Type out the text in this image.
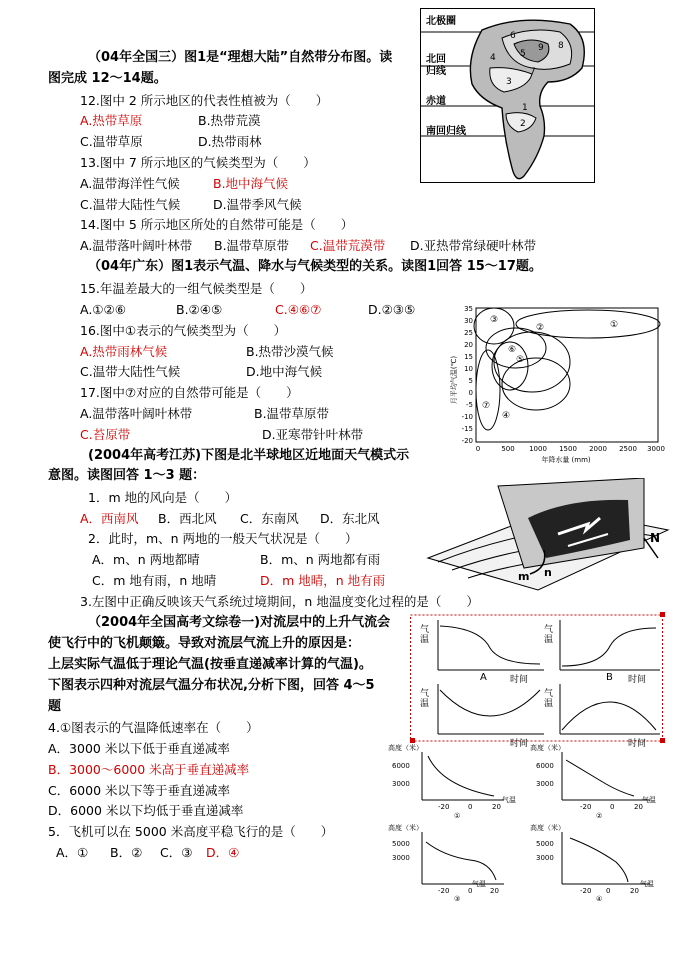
（04年全国三）图1是“理想大陆”自然带分布图。读
图完成 12～14题。
12.图中 2 所示地区的代表性植被为（　　）
A.热带草原	B.热带荒漠
C.温带草原	D.热带雨林
13.图中 7 所示地区的气候类型为（　　）
A.温带海洋性气候	B.地中海气候
C.温带大陆性气候	D.温带季风气候
14.图中 5 所示地区所处的自然带可能是（　　）
A.温带落叶阔叶林带 B.温带草原带 C.温带荒漠带 D.亚热带常绿硬叶林带
北极圈
北回
归线
赤道
南回归线
1
2
3
4	5
6
7
8
9
（04年广东）图1表示气温、降水与气候类型的关系。读图1回答 15～17题。
15.年温差最大的一组气候类型是（　　）
A.①②⑥	B.②④⑤	C.④⑥⑦	D.②③⑤
16.图中①表示的气候类型为（　　）
A.热带雨林气候	B.热带沙漠气候
C.温带大陆性气候	D.地中海气候
17.图中⑦对应的自然带可能是（　　）
A.温带落叶阔叶林带	B.温带草原带
C.苔原带	D.亚寒带针叶林带
月平均气温(℃)
35
30
25
20
15
10
5
0
-5
-10
-15
-20
0	500 1000 1500 2000 2500 3000
年降水量 (mm)
①
②
③
④
⑤
⑥
⑦
(2004年高考江苏)下图是北半球地区近地面天气模式示
意图。读图回答 1～3 题：
1．m 地的风向是（　　）
A．西南风 B．西北风 C．东南风 D．东北风
2．此时，m、n 两地的一般天气状况是（　　）
A．m、n 两地都晴	B．m、n 两地都有雨
C．m 地有雨，n 地晴	D．m 地晴，n 地有雨
3.左图中正确反映该天气系统过境期间，n 地温度变化过程的是（　　）
m n
N
（2004年全国高考文综卷一)对流层中的上升气流会
使飞行中的飞机颠簸。导致对流层气流上升的原因是：
上层实际气温低于理论气温(按垂直递减率计算的气温)。
下图表示四种对流层气温分布状况,分析下图，回答 4～5
题
4.①图表示的气温降低速率在（　　）
A．3000 米以下低于垂直递减率
B．3000～6000 米高于垂直递减率
C．6000 米以下等于垂直递减率
D．6000 米以下均低于垂直递减率
5．飞机可以在 5000 米高度平稳飞行的是（　　）
A．① B．② C．③ D．④
气
温
时间
气
温
时间
气
温
A
时间
气
温
B
时间
高度（米）
6000
3000
-20	0	20
气温
①
高度（米）
6000
3000
-20	0	20
气温
②
高度（米）
5000
3000
-20	0	20
气温
③
高度（米）
5000
3000
-20 0	20
气温
④
